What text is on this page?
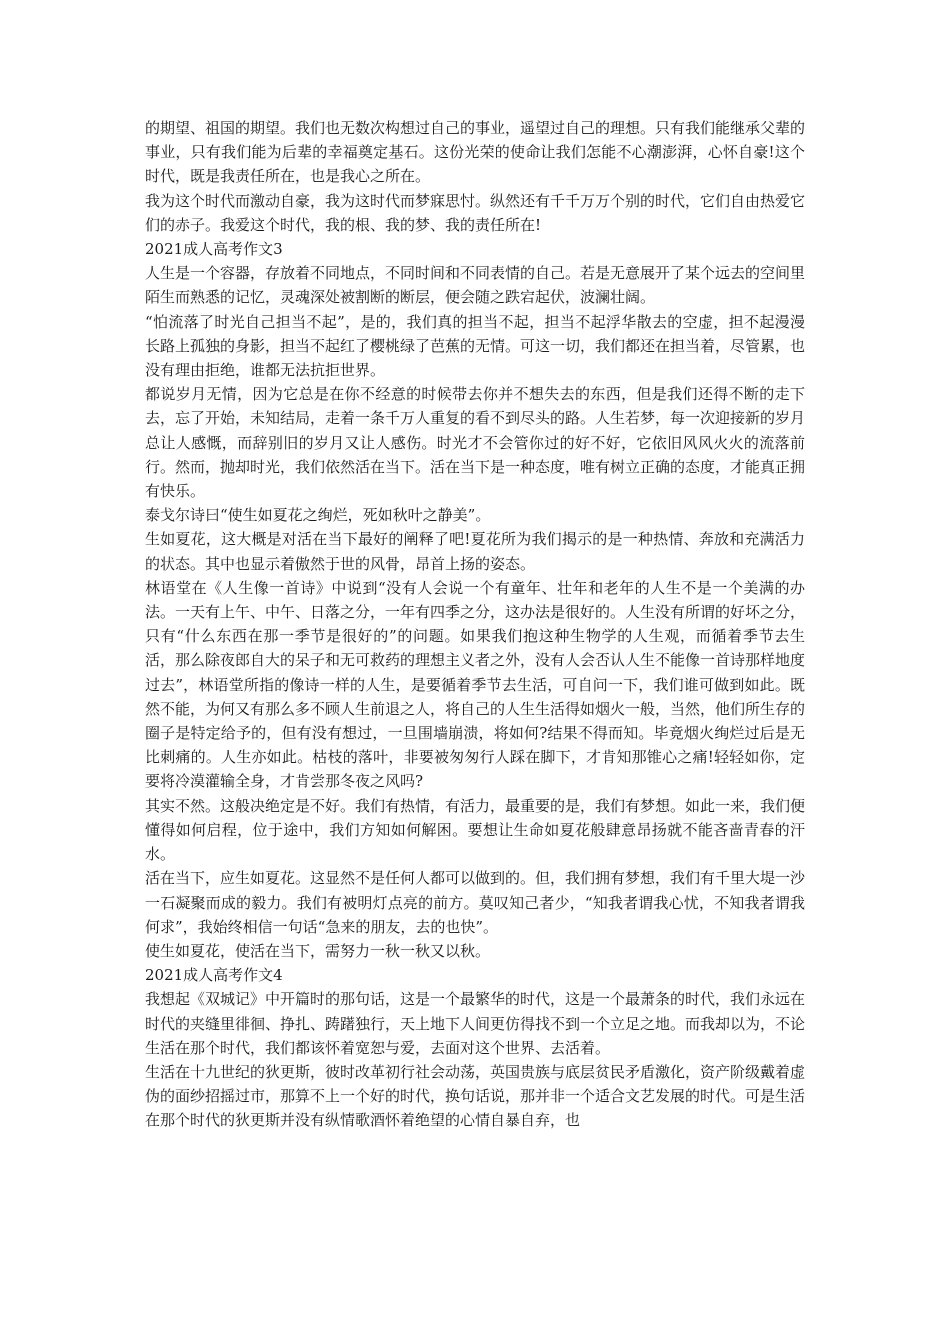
的期望、祖国的期望。我们也无数次构想过自己的事业，遥望过自己的理想。只有我们能继承父辈的事业，只有我们能为后辈的幸福奠定基石。这份光荣的使命让我们怎能不心潮澎湃，心怀自豪!这个时代，既是我责任所在，也是我心之所在。

我为这个时代而激动自豪，我为这时代而梦寐思忖。纵然还有千千万万个别的时代，它们自由热爱它们的赤子。我爱这个时代，我的根、我的梦、我的责任所在!

2021成人高考作文3

人生是一个容器，存放着不同地点，不同时间和不同表情的自己。若是无意展开了某个远去的空间里陌生而熟悉的记忆，灵魂深处被割断的断层，便会随之跌宕起伏，波澜壮阔。

“怕流落了时光自己担当不起”，是的，我们真的担当不起，担当不起浮华散去的空虚，担不起漫漫长路上孤独的身影，担当不起红了樱桃绿了芭蕉的无情。可这一切，我们都还在担当着，尽管累，也没有理由拒绝，谁都无法抗拒世界。

都说岁月无情，因为它总是在你不经意的时候带去你并不想失去的东西，但是我们还得不断的走下去，忘了开始，未知结局，走着一条千万人重复的看不到尽头的路。人生若梦，每一次迎接新的岁月总让人感慨，而辞别旧的岁月又让人感伤。时光才不会管你过的好不好，它依旧风风火火的流落前行。然而，抛却时光，我们依然活在当下。活在当下是一种态度，唯有树立正确的态度，才能真正拥有快乐。

泰戈尔诗曰“使生如夏花之绚烂，死如秋叶之静美”。

生如夏花，这大概是对活在当下最好的阐释了吧!夏花所为我们揭示的是一种热情、奔放和充满活力的状态。其中也显示着傲然于世的风骨，昂首上扬的姿态。

林语堂在《人生像一首诗》中说到“没有人会说一个有童年、壮年和老年的人生不是一个美满的办法。一天有上午、中午、日落之分，一年有四季之分，这办法是很好的。人生没有所谓的好坏之分，只有“什么东西在那一季节是很好的”的问题。如果我们抱这种生物学的人生观，而循着季节去生活，那么除夜郎自大的呆子和无可救药的理想主义者之外，没有人会否认人生不能像一首诗那样地度过去”，林语堂所指的像诗一样的人生，是要循着季节去生活，可自问一下，我们谁可做到如此。既然不能，为何又有那么多不顾人生前退之人，将自己的人生生活得如烟火一般，当然，他们所生存的圈子是特定给予的，但有没有想过，一旦围墙崩溃，将如何?结果不得而知。毕竟烟火绚烂过后是无比刺痛的。人生亦如此。枯枝的落叶，非要被匆匆行人踩在脚下，才肯知那锥心之痛!轻轻如你，定要将冷漠灌输全身，才肯尝那冬夜之风吗?

其实不然。这般决绝定是不好。我们有热情，有活力，最重要的是，我们有梦想。如此一来，我们便懂得如何启程，位于途中，我们方知如何解困。要想让生命如夏花般肆意昂扬就不能吝啬青春的汗水。

活在当下，应生如夏花。这显然不是任何人都可以做到的。但，我们拥有梦想，我们有千里大堤一沙一石凝聚而成的毅力。我们有被明灯点亮的前方。莫叹知己者少，“知我者谓我心忧，不知我者谓我何求”，我始终相信一句话“急来的朋友，去的也快”。

使生如夏花，使活在当下，需努力一秋一秋又以秋。

2021成人高考作文4

我想起《双城记》中开篇时的那句话，这是一个最繁华的时代，这是一个最萧条的时代，我们永远在时代的夹缝里徘徊、挣扎、踌躇独行，天上地下人间更仿得找不到一个立足之地。而我却以为，不论生活在那个时代，我们都该怀着宽恕与爱，去面对这个世界、去活着。

生活在十九世纪的狄更斯，彼时改革初行社会动荡，英国贵族与底层贫民矛盾激化，资产阶级戴着虚伪的面纱招摇过市，那算不上一个好的时代，换句话说，那并非一个适合文艺发展的时代。可是生活在那个时代的狄更斯并没有纵情歌酒怀着绝望的心情自暴自弃，也
